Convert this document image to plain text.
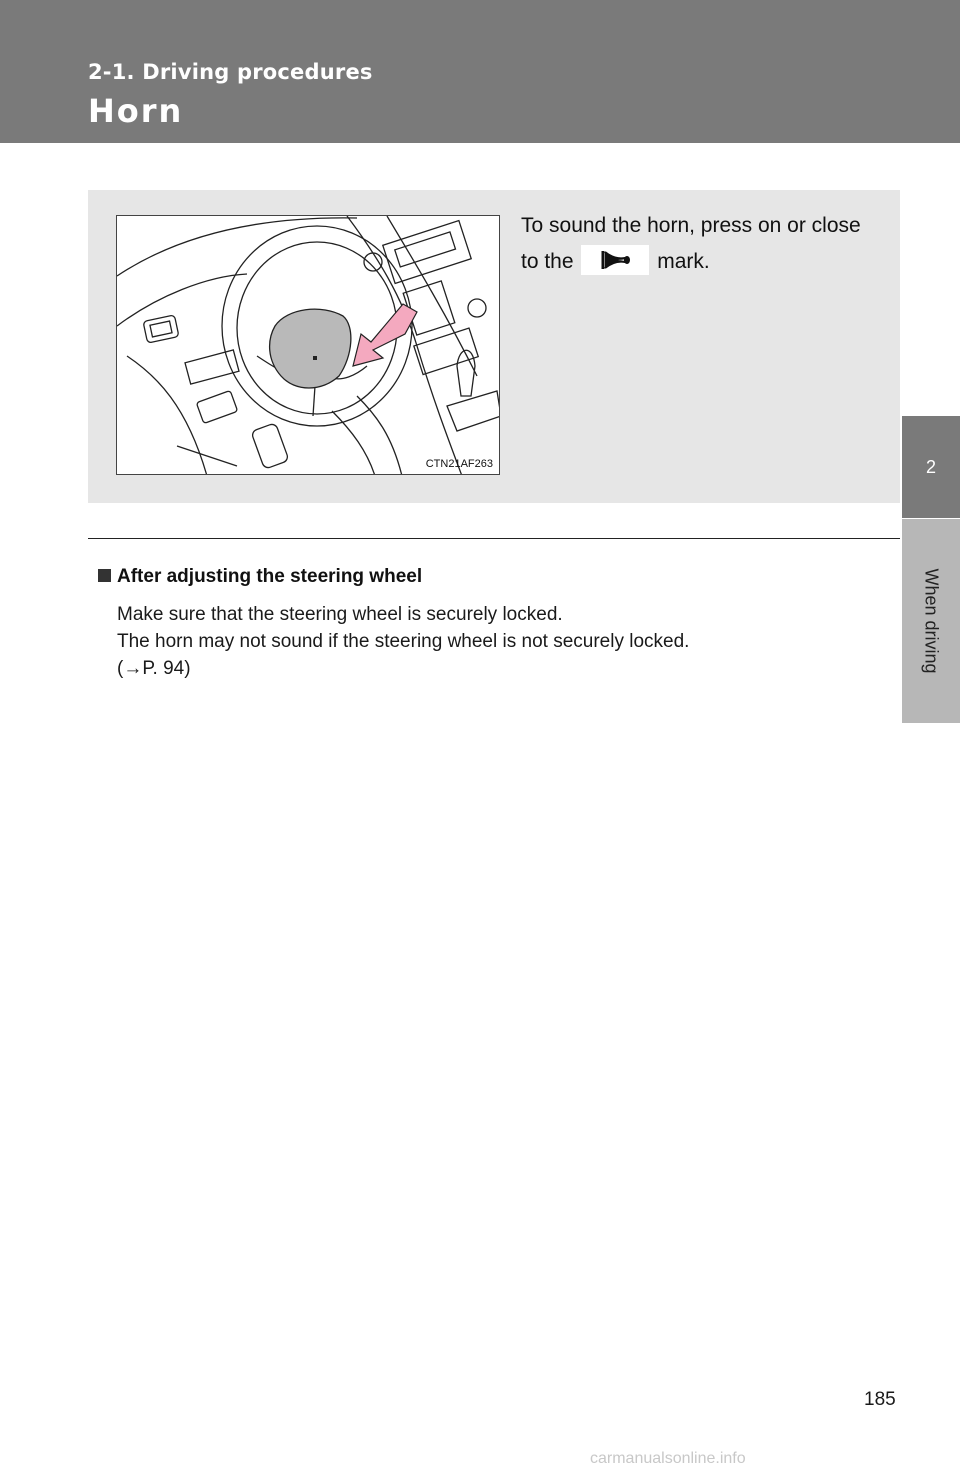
2-1. Driving procedures
Horn
2
When driving
CTN21AF263
To sound the horn, press on or close to the	mark.
After adjusting the steering wheel
Make sure that the steering wheel is securely locked.
The horn may not sound if the steering wheel is not securely locked.
(→P. 94)
185
carmanualsonline.info
